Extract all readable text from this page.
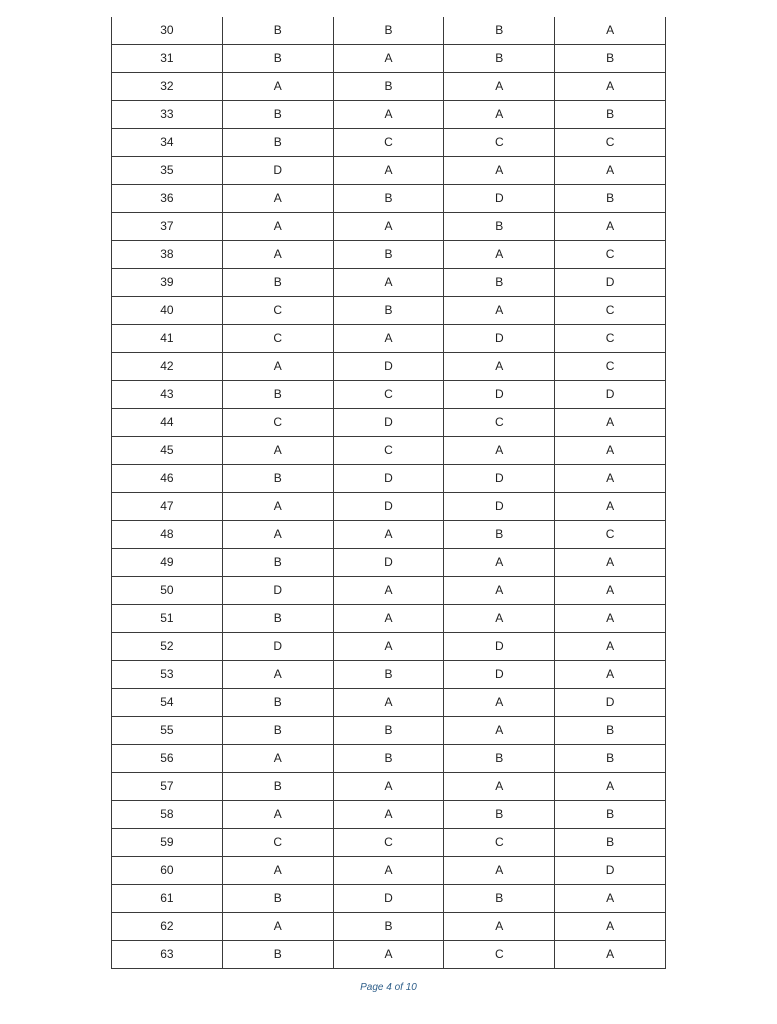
30	B	B	B	A
31	B	A	B	B
32	A	B	A	A
33	B	A	A	B
34	B	C	C	C
35	D	A	A	A
36	A	B	D	B
37	A	A	B	A
38	A	B	A	C
39	B	A	B	D
40	C	B	A	C
41	C	A	D	C
42	A	D	A	C
43	B	C	D	D
44	C	D	C	A
45	A	C	A	A
46	B	D	D	A
47	A	D	D	A
48	A	A	B	C
49	B	D	A	A
50	D	A	A	A
51	B	A	A	A
52	D	A	D	A
53	A	B	D	A
54	B	A	A	D
55	B	B	A	B
56	A	B	B	B
57	B	A	A	A
58	A	A	B	B
59	C	C	C	B
60	A	A	A	D
61	B	D	B	A
62	A	B	A	A
63	B	A	C	A
Page 4 of 10
